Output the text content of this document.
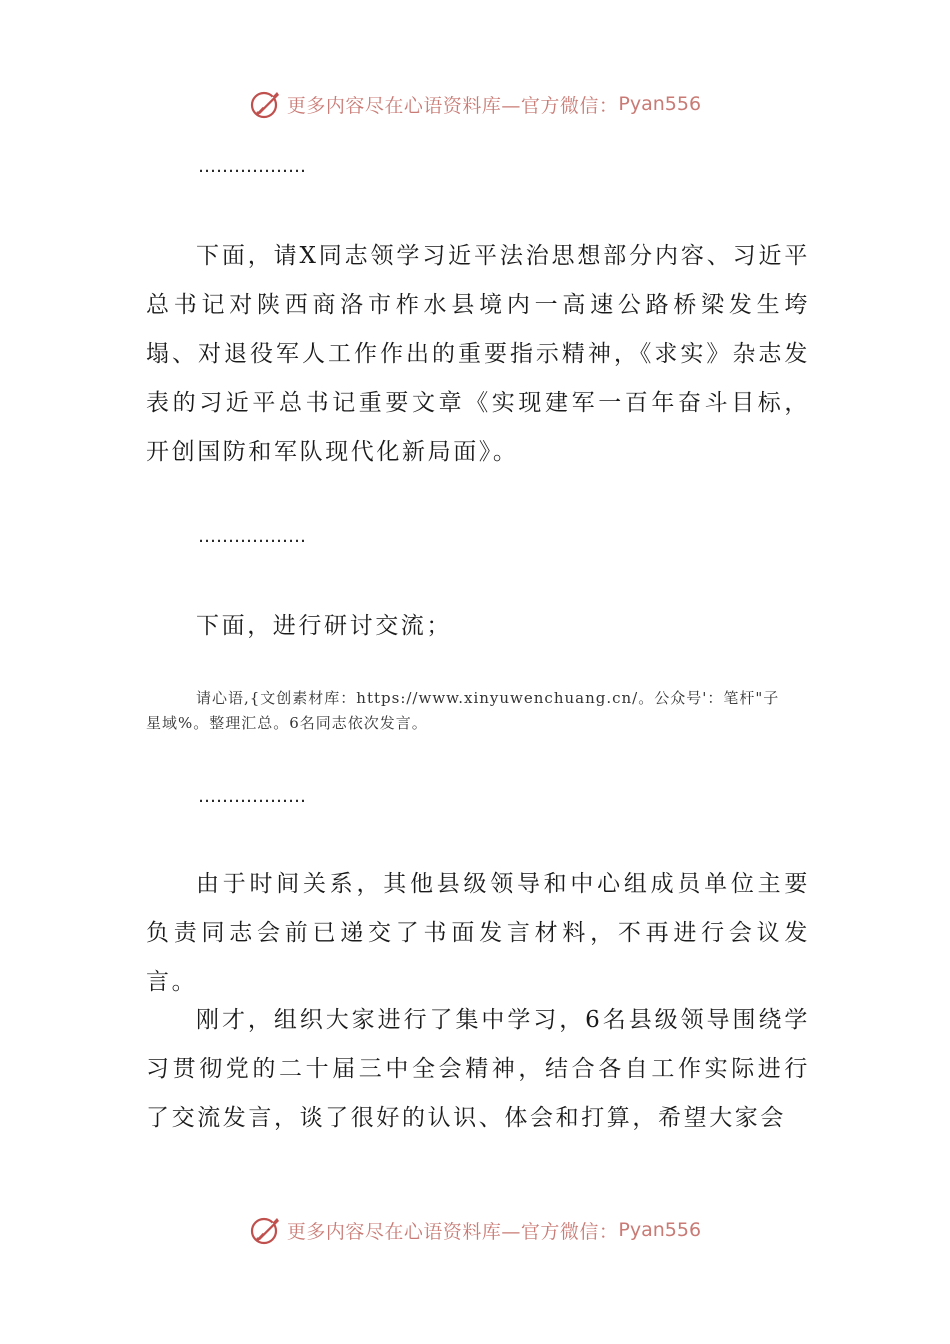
更多内容尽在心语资料库—官方微信： Pyan556
………………

下面，请X同志领学习近平法治思想部分内容、习近平总书记对陕西商洛市柞水县境内一高速公路桥梁发生垮塌、对退役军人工作作出的重要指示精神，《求实》杂志发表的习近平总书记重要文章《实现建军一百年奋斗目标，开创国防和军队现代化新局面》。

………………

下面，进行研讨交流；

请心语,{文创素材库：https://www.xinyuwenchuang.cn/。公众号'：笔杆"子星域%。整理汇总。6名同志依次发言。

………………

由于时间关系，其他县级领导和中心组成员单位主要负责同志会前已递交了书面发言材料，不再进行会议发言。

刚才，组织大家进行了集中学习，6名县级领导围绕学习贯彻党的二十届三中全会精神，结合各自工作实际进行了交流发言，谈了很好的认识、体会和打算，希望大家会

更多内容尽在心语资料库—官方微信： Pyan556
